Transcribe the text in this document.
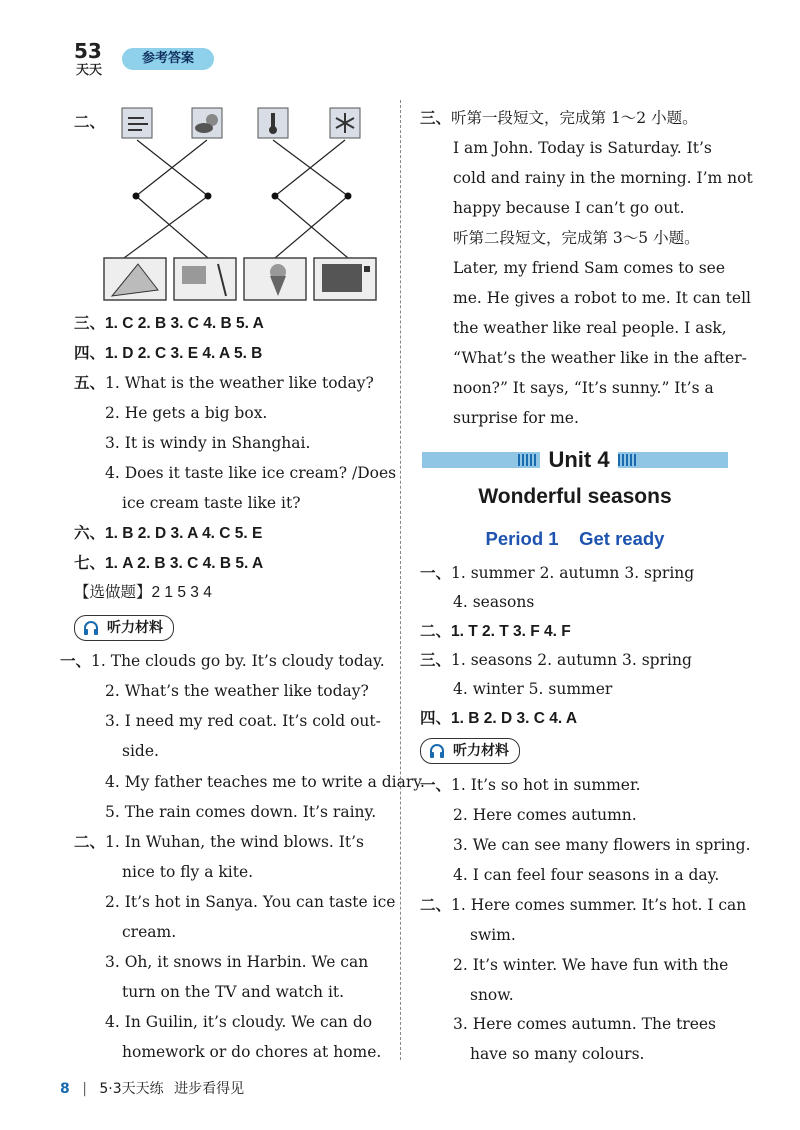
53
天天
参考答案
二、
三、1. C 2. B 3. C 4. B 5. A
四、1. D 2. C 3. E 4. A 5. B
五、1. What is the weather like today?
2. He gets a big box.
3. It is windy in Shanghai.
4. Does it taste like ice cream? /Does
ice cream taste like it?
六、1. B 2. D 3. A 4. C 5. E
七、1. A 2. B 3. C 4. B 5. A
【选做题】2 1 5 3 4
听力材料
一、1. The clouds go by. It’s cloudy today.
2. What’s the weather like today?
3. I need my red coat. It’s cold out-
side.
4. My father teaches me to write a diary.
5. The rain comes down. It’s rainy.
二、1. In Wuhan, the wind blows. It’s
nice to fly a kite.
2. It’s hot in Sanya. You can taste ice
cream.
3. Oh, it snows in Harbin. We can
turn on the TV and watch it.
4. In Guilin, it’s cloudy. We can do
homework or do chores at home.
三、听第一段短文，完成第 1～2 小题。
I am John. Today is Saturday. It’s
cold and rainy in the morning. I’m not
happy because I can’t go out.
听第二段短文，完成第 3～5 小题。
Later, my friend Sam comes to see
me. He gives a robot to me. It can tell
the weather like real people. I ask,
“What’s the weather like in the after-
noon?” It says, “It’s sunny.” It’s a
surprise for me.
Unit 4
Wonderful seasons
Period 1    Get ready
一、1. summer 2. autumn 3. spring
4. seasons
二、1. T 2. T 3. F 4. F
三、1. seasons 2. autumn 3. spring
4. winter 5. summer
四、1. B 2. D 3. C 4. A
听力材料
一、1. It’s so hot in summer.
2. Here comes autumn.
3. We can see many flowers in spring.
4. I can feel four seasons in a day.
二、1. Here comes summer. It’s hot. I can
swim.
2. It’s winter. We have fun with the
snow.
3. Here comes autumn. The trees
have so many colours.
8 | 5·3天天练 进步看得见
